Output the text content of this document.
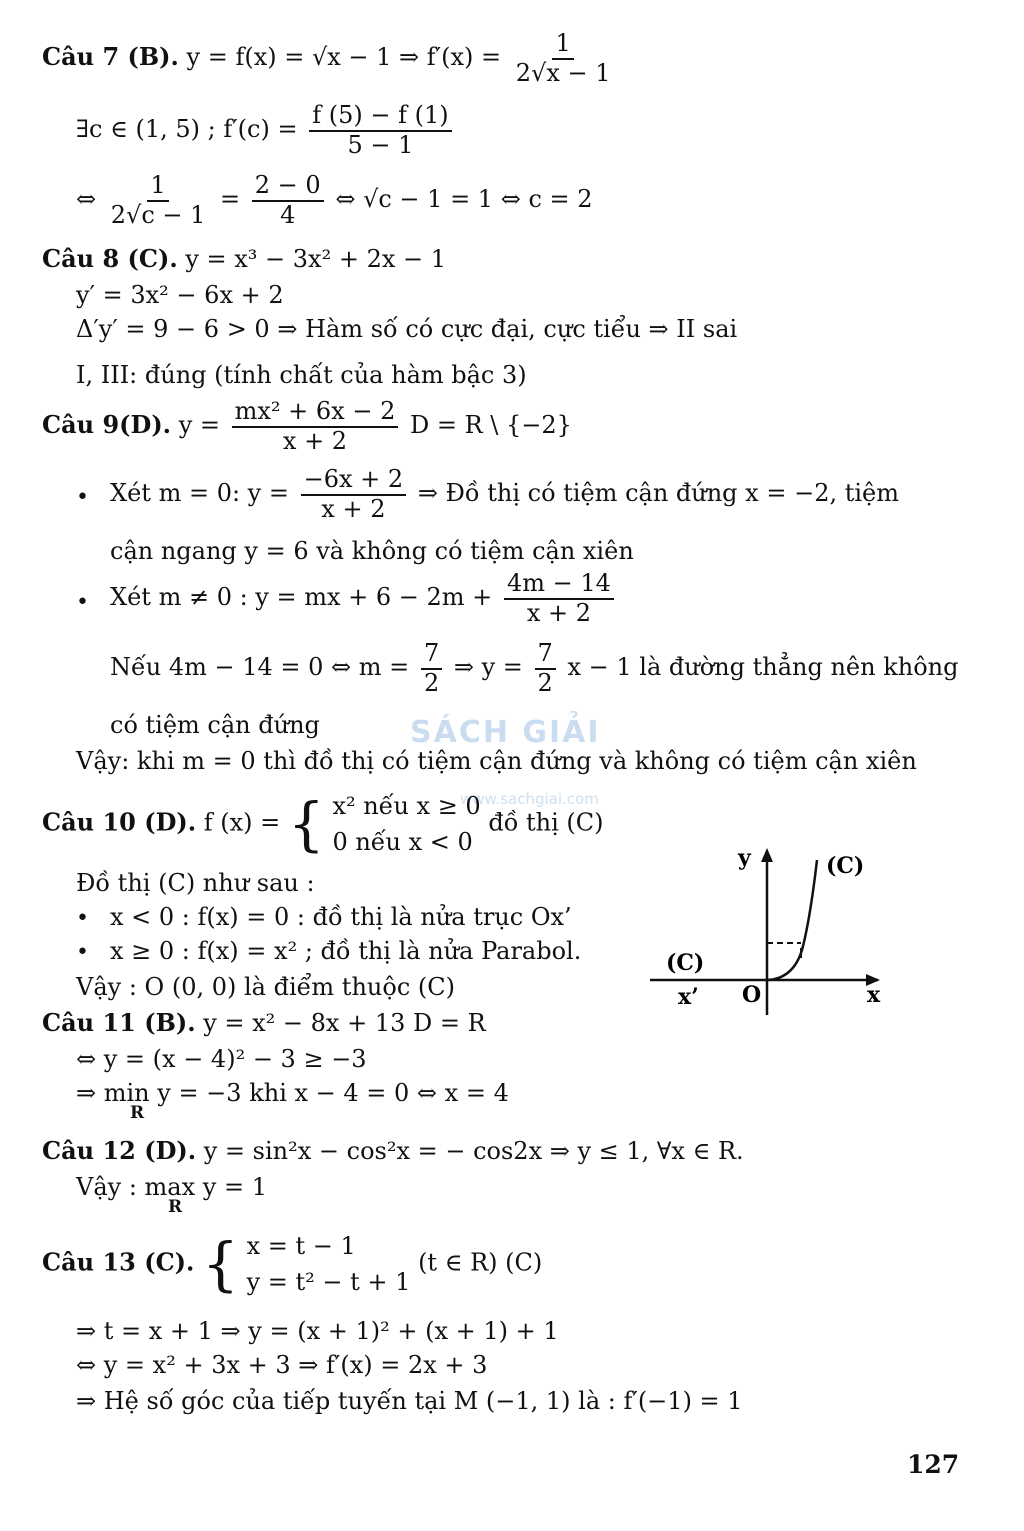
Câu 7 (B). y = f(x) = √x − 1 ⇒ $f'(x) = \frac{1}{2√x - 1}$
∃c ∈ (1, 5) ; $f'(c) = \frac{f (5) - f (1)}{5 - 1}$
⇔ $\frac{1}{2√c - 1} = \frac{2 - 0}{4}$ ⇔ √c − 1 = 1 ⇔ c = 2
Câu 8 (C). y = x³ − 3x² + 2x − 1
y′ = 3x² − 6x + 2
Δ′y′ = 9 − 6 > 0 ⇒ Hàm số có cực đại, cực tiểu ⇒ II sai
I, III: đúng (tính chất của hàm bậc 3)
Câu 9(D). $y = \frac{\text{mx² + 6x − 2}}{x + 2}$ D = R \ {−2}
• Xét m = 0: $y = \frac{-6x + 2}{x + 2}$ ⇒ Đồ thị có tiệm cận đứng x = −2, tiệm
cận ngang y = 6 và không có tiệm cận xiên
• Xét m ≠ 0 : y = mx + $6 - 2m + \frac{4m - 14}{x + 2}$
Nếu 4m − 14 = 0 ⇔ $m = \frac{7}{2}$ ⇒ $y = \frac{7}{2}$ x − 1 là đường thẳng nên không
có tiệm cận đứng
Vậy: khi m = 0 thì đồ thị có tiệm cận đứng và không có tiệm cận xiên
SÁCH GIẢI
www.sachgiai.com
Câu 10 (D). f (x) = { x² nếu x ≥ 0
0 nếu x < 0
đồ thị (C)
Đồ thị (C) như sau :
• x < 0 : f(x) = 0 : đồ thị là nửa trục Ox’
• x ≥ 0 : f(x) = x² ; đồ thị là nửa Parabol.
Vậy : O (0, 0) là điểm thuộc (C)
y	(C)
(C)
x’ O	x
Câu 11 (B). y = x² − 8x + 13 D = R
⇔ y = (x − 4)² − 3 ≥ −3
⇒ min y = −3 khi x − 4 = 0 ⇔ x = 4
R
Câu 12 (D). y = sin²x − cos²x = − cos2x ⇒ y ≤ 1, ∀x ∈ R.
Vậy : max y = 1
R
Câu 13 (C). { x = t − 1
y = t² − t + 1
(t ∈ R) (C)
⇒ t = x + 1 ⇒ y = (x + 1)² + (x + 1) + 1
⇔ y = x² + 3x + 3 ⇒ f′(x) = 2x + 3
⇒ Hệ số góc của tiếp tuyến tại M (−1, 1) là : f′(−1) = 1
127
